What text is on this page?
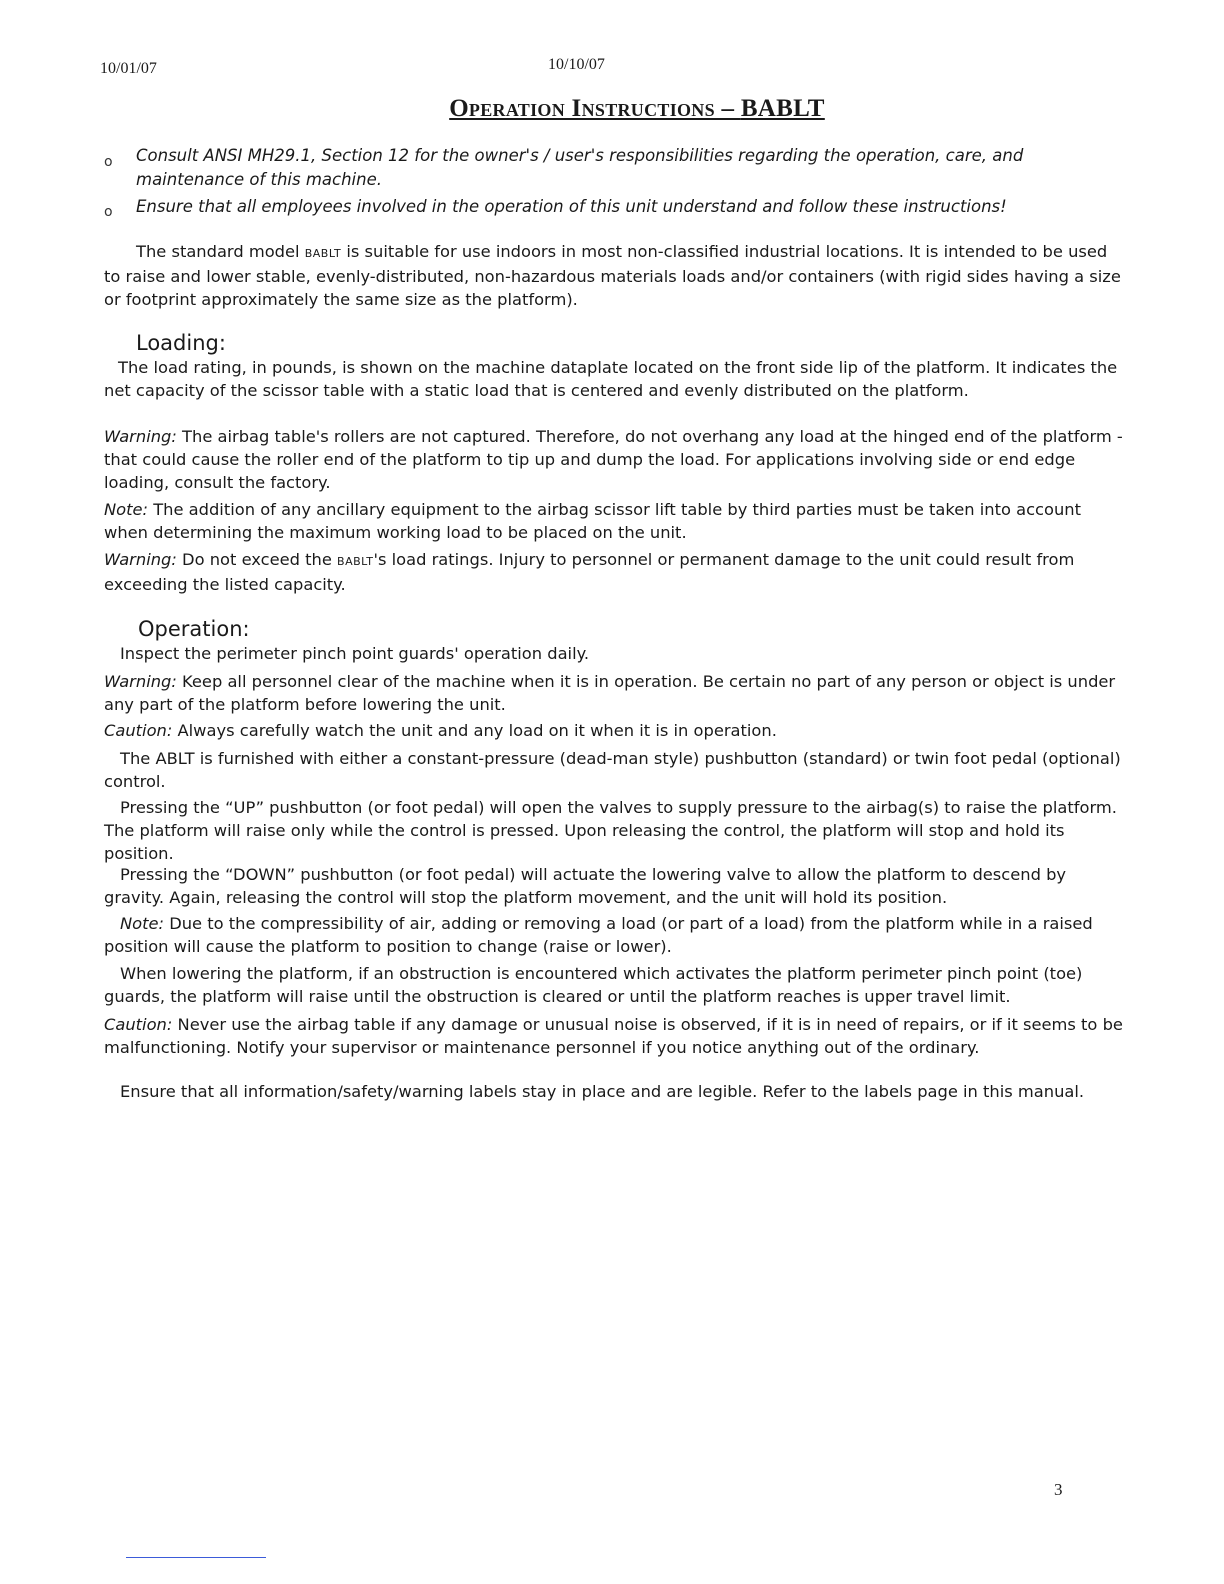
10/01/07	10/10/07
Operation Instructions – BABLT
o Consult ANSI MH29.1, Section 12 for the owner's / user's responsibilities regarding the operation, care, and maintenance of this machine.
o Ensure that all employees involved in the operation of this unit understand and follow these instructions!
The standard model BABLT is suitable for use indoors in most non-classified industrial locations. It is intended to be used to raise and lower stable, evenly-distributed, non-hazardous materials loads and/or containers (with rigid sides having a size or footprint approximately the same size as the platform).
Loading:
The load rating, in pounds, is shown on the machine dataplate located on the front side lip of the platform. It indicates the net capacity of the scissor table with a static load that is centered and evenly distributed on the platform.
Warning: The airbag table's rollers are not captured. Therefore, do not overhang any load at the hinged end of the platform - that could cause the roller end of the platform to tip up and dump the load. For applications involving side or end edge loading, consult the factory.
Note: The addition of any ancillary equipment to the airbag scissor lift table by third parties must be taken into account when determining the maximum working load to be placed on the unit.
Warning: Do not exceed the BABLT's load ratings. Injury to personnel or permanent damage to the unit could result from exceeding the listed capacity.
Operation:
Inspect the perimeter pinch point guards' operation daily.
Warning: Keep all personnel clear of the machine when it is in operation. Be certain no part of any person or object is under any part of the platform before lowering the unit.
Caution: Always carefully watch the unit and any load on it when it is in operation.
The ABLT is furnished with either a constant-pressure (dead-man style) pushbutton (standard) or twin foot pedal (optional) control.
Pressing the “UP” pushbutton (or foot pedal) will open the valves to supply pressure to the airbag(s) to raise the platform. The platform will raise only while the control is pressed. Upon releasing the control, the platform will stop and hold its position.
Pressing the “DOWN” pushbutton (or foot pedal) will actuate the lowering valve to allow the platform to descend by gravity. Again, releasing the control will stop the platform movement, and the unit will hold its position.
Note: Due to the compressibility of air, adding or removing a load (or part of a load) from the platform while in a raised position will cause the platform to position to change (raise or lower).
When lowering the platform, if an obstruction is encountered which activates the platform perimeter pinch point (toe) guards, the platform will raise until the obstruction is cleared or until the platform reaches is upper travel limit.
Caution: Never use the airbag table if any damage or unusual noise is observed, if it is in need of repairs, or if it seems to be malfunctioning. Notify your supervisor or maintenance personnel if you notice anything out of the ordinary.
Ensure that all information/safety/warning labels stay in place and are legible. Refer to the labels page in this manual.
3
